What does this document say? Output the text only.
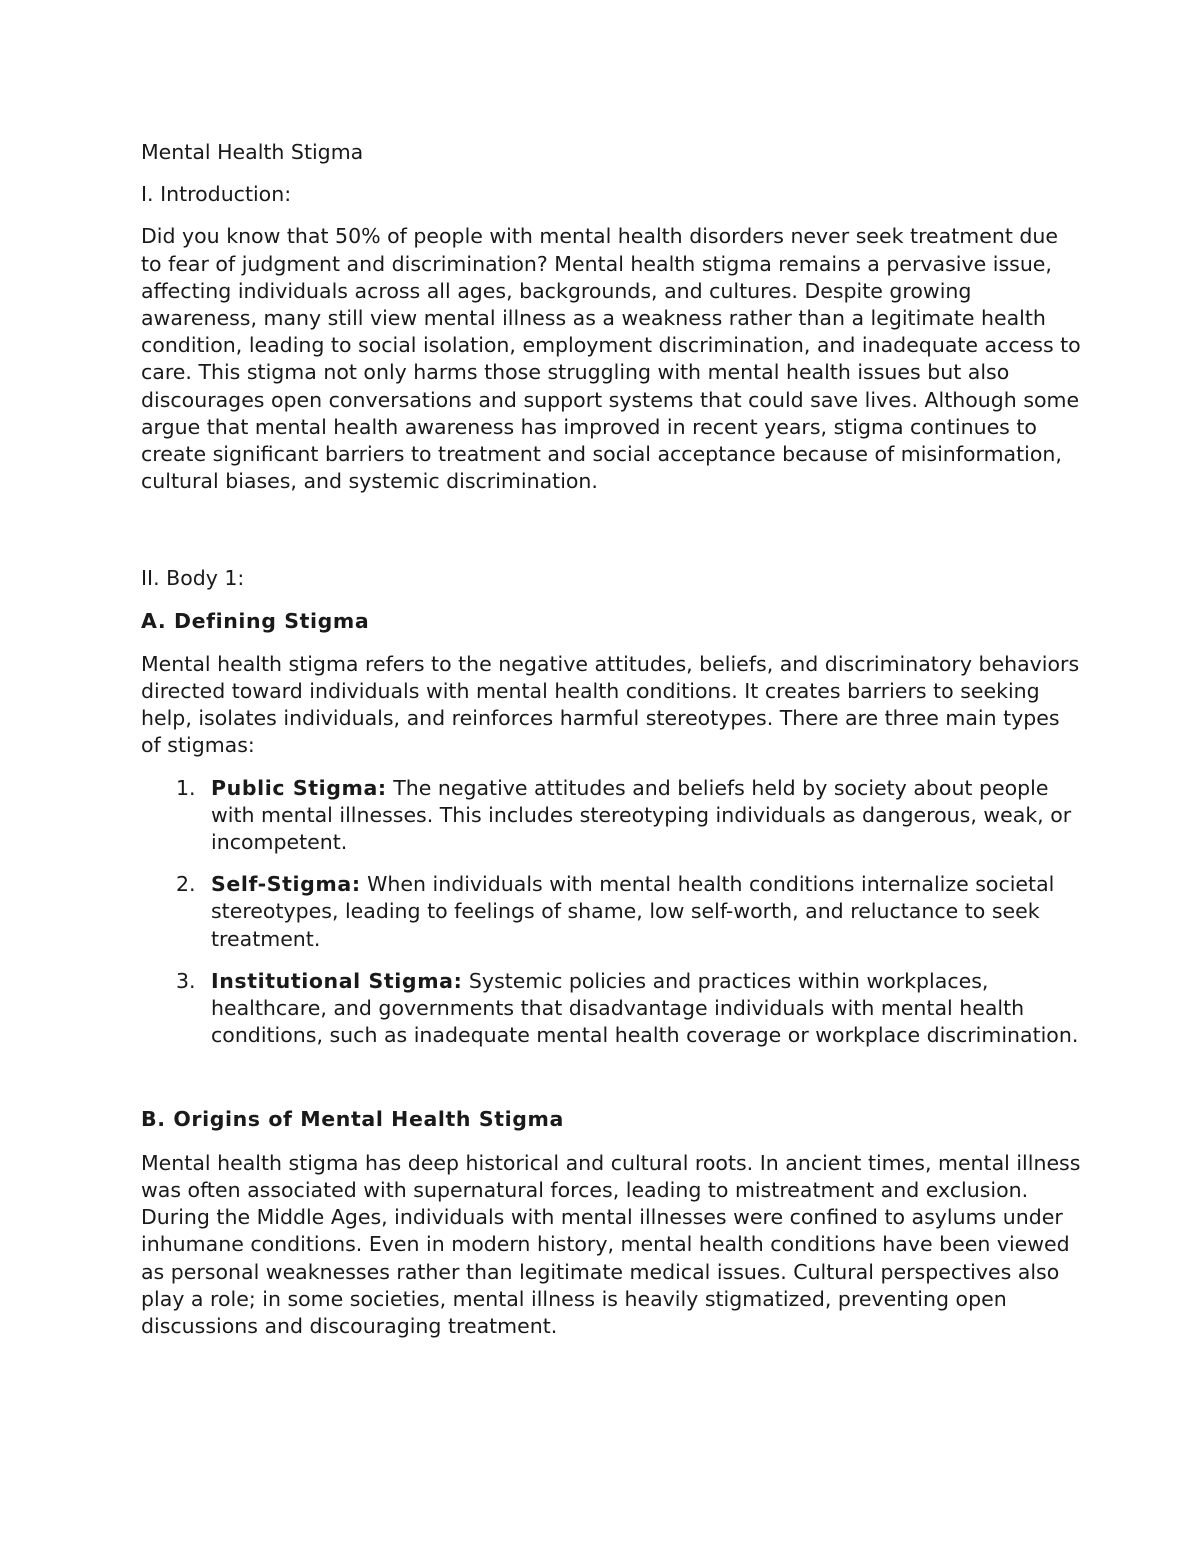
Mental Health Stigma

I. Introduction:

Did you know that 50% of people with mental health disorders never seek treatment due to fear of judgment and discrimination? Mental health stigma remains a pervasive issue, affecting individuals across all ages, backgrounds, and cultures. Despite growing awareness, many still view mental illness as a weakness rather than a legitimate health condition, leading to social isolation, employment discrimination, and inadequate access to care. This stigma not only harms those struggling with mental health issues but also discourages open conversations and support systems that could save lives. Although some argue that mental health awareness has improved in recent years, stigma continues to create significant barriers to treatment and social acceptance because of misinformation, cultural biases, and systemic discrimination.

II. Body 1:

A. Defining Stigma

Mental health stigma refers to the negative attitudes, beliefs, and discriminatory behaviors directed toward individuals with mental health conditions. It creates barriers to seeking help, isolates individuals, and reinforces harmful stereotypes. There are three main types of stigmas:

1. Public Stigma: The negative attitudes and beliefs held by society about people with mental illnesses. This includes stereotyping individuals as dangerous, weak, or incompetent.
2. Self-Stigma: When individuals with mental health conditions internalize societal stereotypes, leading to feelings of shame, low self-worth, and reluctance to seek treatment.
3. Institutional Stigma: Systemic policies and practices within workplaces, healthcare, and governments that disadvantage individuals with mental health conditions, such as inadequate mental health coverage or workplace discrimination.

B. Origins of Mental Health Stigma

Mental health stigma has deep historical and cultural roots. In ancient times, mental illness was often associated with supernatural forces, leading to mistreatment and exclusion. During the Middle Ages, individuals with mental illnesses were confined to asylums under inhumane conditions. Even in modern history, mental health conditions have been viewed as personal weaknesses rather than legitimate medical issues. Cultural perspectives also play a role; in some societies, mental illness is heavily stigmatized, preventing open discussions and discouraging treatment.
